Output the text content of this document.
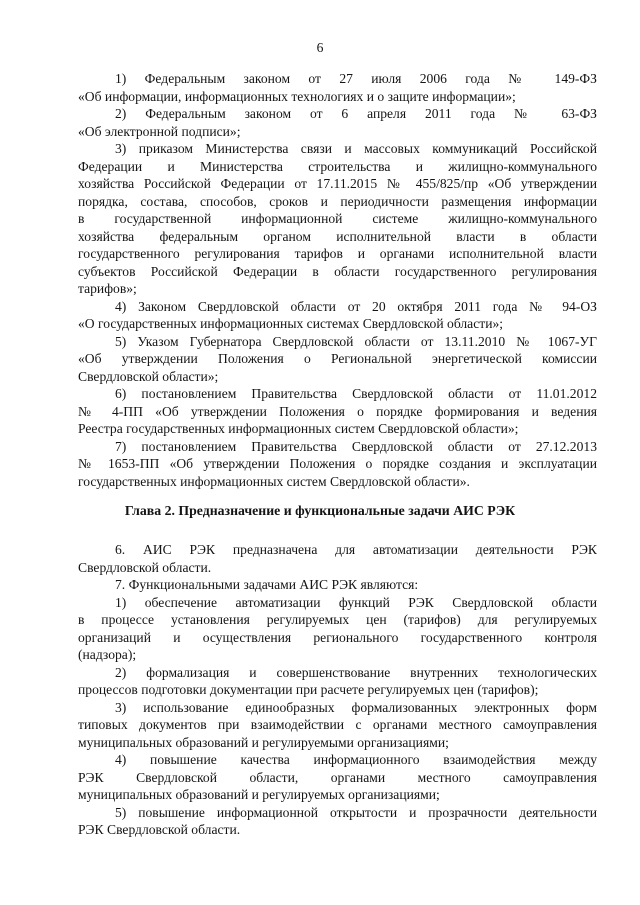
6
1) Федеральным законом от 27 июля 2006 года № 149-ФЗ
«Об информации, информационных технологиях и о защите информации»;
2) Федеральным законом от 6 апреля 2011 года № 63-ФЗ
«Об электронной подписи»;
3) приказом Министерства связи и массовых коммуникаций Российской
Федерации и Министерства строительства и жилищно-коммунального
хозяйства Российской Федерации от 17.11.2015 № 455/825/пр «Об утверждении
порядка, состава, способов, сроков и периодичности размещения информации
в государственной информационной системе жилищно-коммунального
хозяйства федеральным органом исполнительной власти в области
государственного регулирования тарифов и органами исполнительной власти
субъектов Российской Федерации в области государственного регулирования
тарифов»;
4) Законом Свердловской области от 20 октября 2011 года № 94-ОЗ
«О государственных информационных системах Свердловской области»;
5) Указом Губернатора Свердловской области от 13.11.2010 № 1067-УГ
«Об утверждении Положения о Региональной энергетической комиссии
Свердловской области»;
6) постановлением Правительства Свердловской области от 11.01.2012
№ 4-ПП «Об утверждении Положения о порядке формирования и ведения
Реестра государственных информационных систем Свердловской области»;
7) постановлением Правительства Свердловской области от 27.12.2013
№ 1653-ПП «Об утверждении Положения о порядке создания и эксплуатации
государственных информационных систем Свердловской области».
Глава 2. Предназначение и функциональные задачи АИС РЭК
6. АИС РЭК предназначена для автоматизации деятельности РЭК
Свердловской области.
7. Функциональными задачами АИС РЭК являются:
1) обеспечение автоматизации функций РЭК Свердловской области
в процессе установления регулируемых цен (тарифов) для регулируемых
организаций и осуществления регионального государственного контроля
(надзора);
2) формализация и совершенствование внутренних технологических
процессов подготовки документации при расчете регулируемых цен (тарифов);
3) использование единообразных формализованных электронных форм
типовых документов при взаимодействии с органами местного самоуправления
муниципальных образований и регулируемыми организациями;
4) повышение качества информационного взаимодействия между
РЭК Свердловской области, органами местного самоуправления
муниципальных образований и регулируемых организациями;
5) повышение информационной открытости и прозрачности деятельности
РЭК Свердловской области.
